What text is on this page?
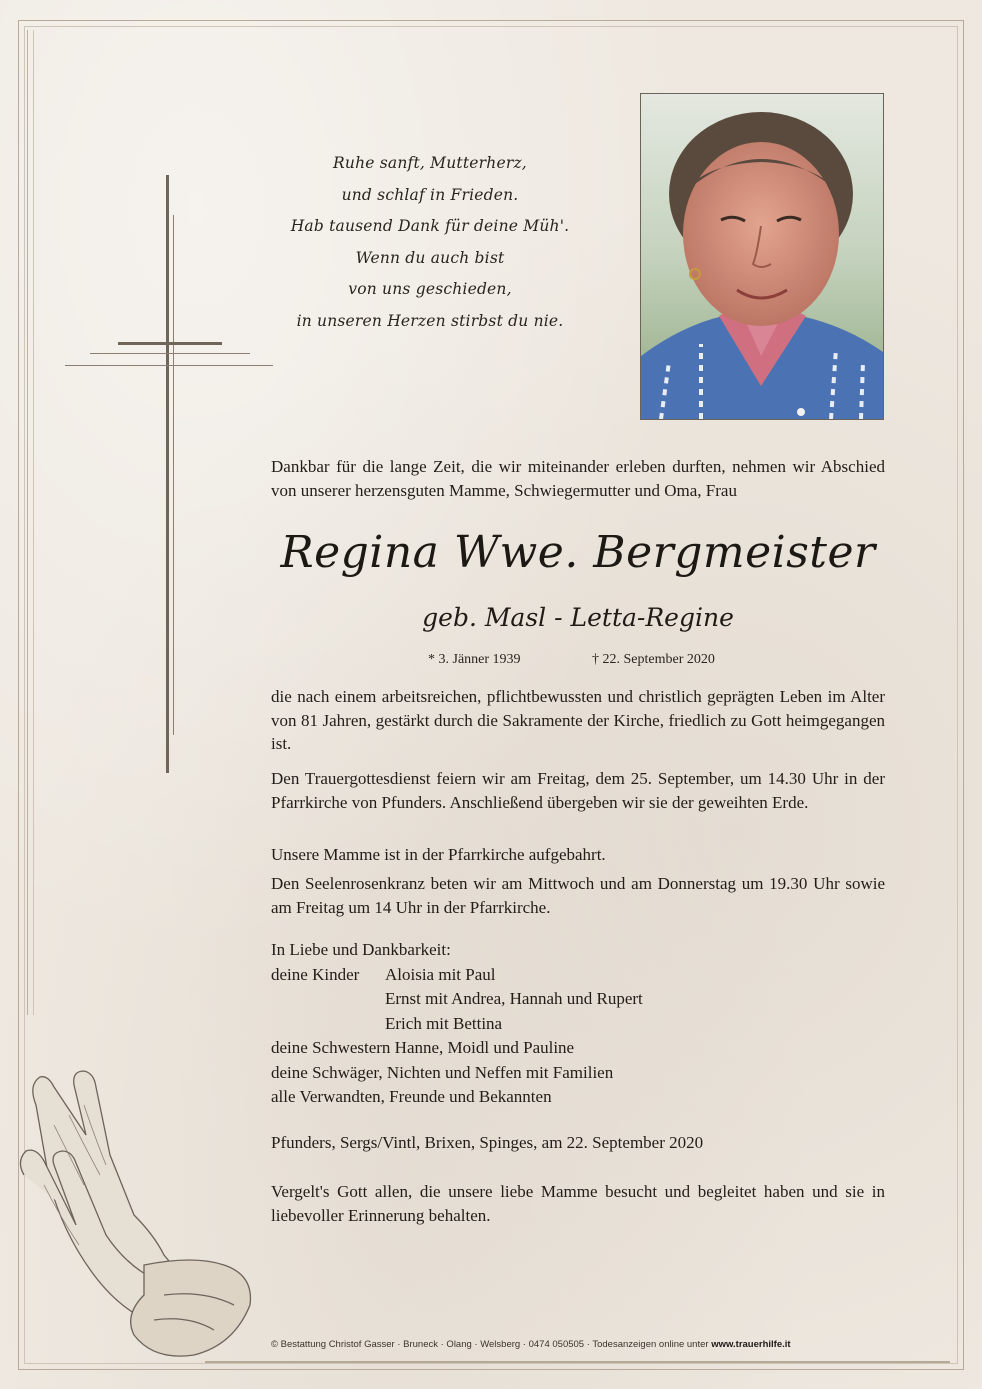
Ruhe sanft, Mutterherz,
und schlaf in Frieden.
Hab tausend Dank für deine Müh'.
Wenn du auch bist
von uns geschieden,
in unseren Herzen stirbst du nie.
Dankbar für die lange Zeit, die wir miteinander erleben durften, nehmen wir Abschied von unserer herzensguten Mamme, Schwiegermutter und Oma, Frau
Regina Wwe. Bergmeister
geb. Masl - Letta-Regine
* 3. Jänner 1939	† 22. September 2020
die nach einem arbeitsreichen, pflichtbewussten und christlich geprägten Leben im Alter von 81 Jahren, gestärkt durch die Sakramente der Kirche, friedlich zu Gott heimgegangen ist.
Den Trauergottesdienst feiern wir am Freitag, dem 25. September, um 14.30 Uhr in der Pfarrkirche von Pfunders. Anschließend übergeben wir sie der geweihten Erde.
Unsere Mamme ist in der Pfarrkirche aufgebahrt.
Den Seelenrosenkranz beten wir am Mittwoch und am Donnerstag um 19.30 Uhr sowie am Freitag um 14 Uhr in der Pfarrkirche.
In Liebe und Dankbarkeit:
deine Kinder Aloisia mit Paul
Ernst mit Andrea, Hannah und Rupert
Erich mit Bettina
deine Schwestern Hanne, Moidl und Pauline
deine Schwäger, Nichten und Neffen mit Familien
alle Verwandten, Freunde und Bekannten
Pfunders, Sergs/Vintl, Brixen, Spinges, am 22. September 2020
Vergelt's Gott allen, die unsere liebe Mamme besucht und begleitet haben und sie in liebevoller Erinnerung behalten.
© Bestattung Christof Gasser · Bruneck · Olang · Welsberg · 0474 050505 · Todesanzeigen online unter www.trauerhilfe.it
